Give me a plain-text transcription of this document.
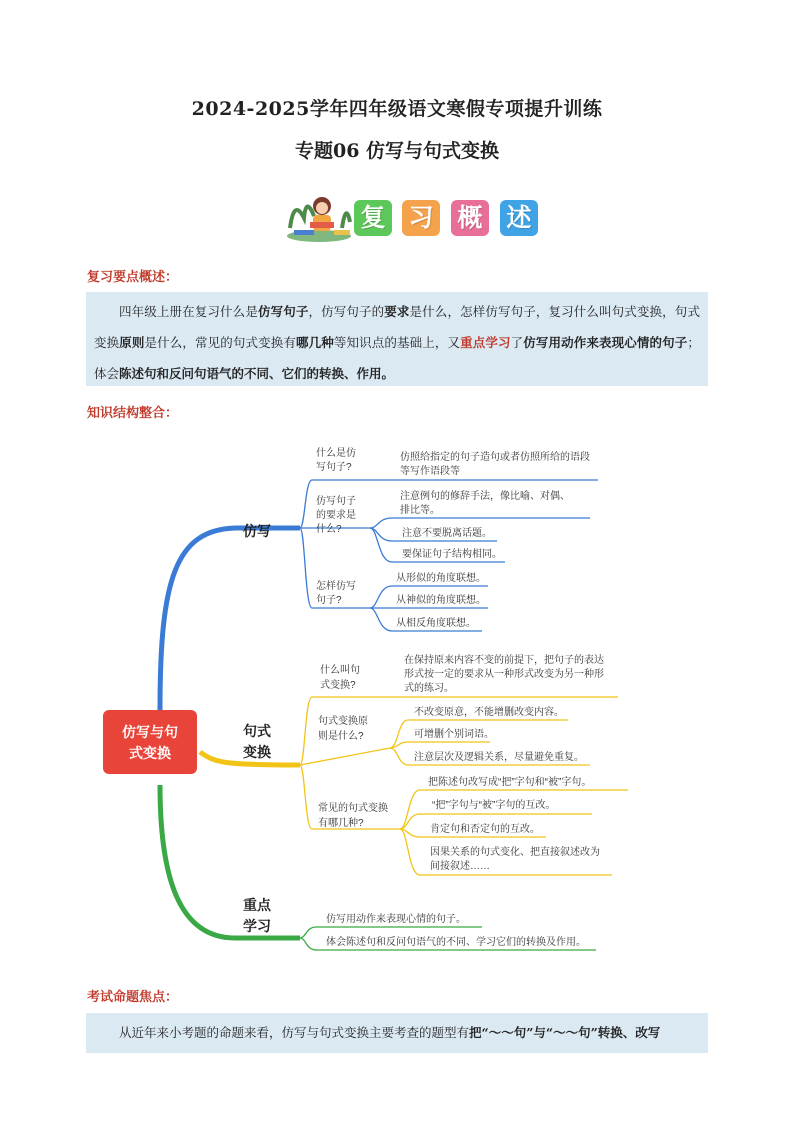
2024-2025学年四年级语文寒假专项提升训练
专题06 仿写与句式变换
复 习 概 述
复习要点概述：
四年级上册在复习什么是仿写句子，仿写句子的要求是什么，怎样仿写句子，复习什么叫句式变换，句式变换原则是什么，常见的句式变换有哪几种等知识点的基础上，又重点学习了仿写用动作来表现心情的句子；体会陈述句和反问句语气的不同、它们的转换、作用。
知识结构整合：
仿写与句
式变换
仿写
句式
变换
重点
学习
什么是仿
写句子?
仿照给指定的句子造句或者仿照所给的语段
等写作语段等
仿写句子
的要求是
什么?
注意例句的修辞手法，像比喻、对偶、
排比等。
注意不要脱离话题。
要保证句子结构相同。
怎样仿写
句子?
从形似的角度联想。
从神似的角度联想。
从相反角度联想。
什么叫句
式变换?
在保持原来内容不变的前提下，把句子的表达
形式按一定的要求从一种形式改变为另一种形
式的练习。
句式变换原
则是什么?
不改变原意，不能增删改变内容。
可增删个别词语。
注意层次及逻辑关系，尽量避免重复。
常见的句式变换
有哪几种?
把陈述句改写成“把”字句和“被”字句。
“把”字句与“被”字句的互改。
肯定句和否定句的互改。
因果关系的句式变化、把直接叙述改为
间接叙述……
仿写用动作来表现心情的句子。
体会陈述句和反问句语气的不同、学习它们的转换及作用。
考试命题焦点：
从近年来小考题的命题来看，仿写与句式变换主要考查的题型有把“～～句”与“～～句”转换、改写
